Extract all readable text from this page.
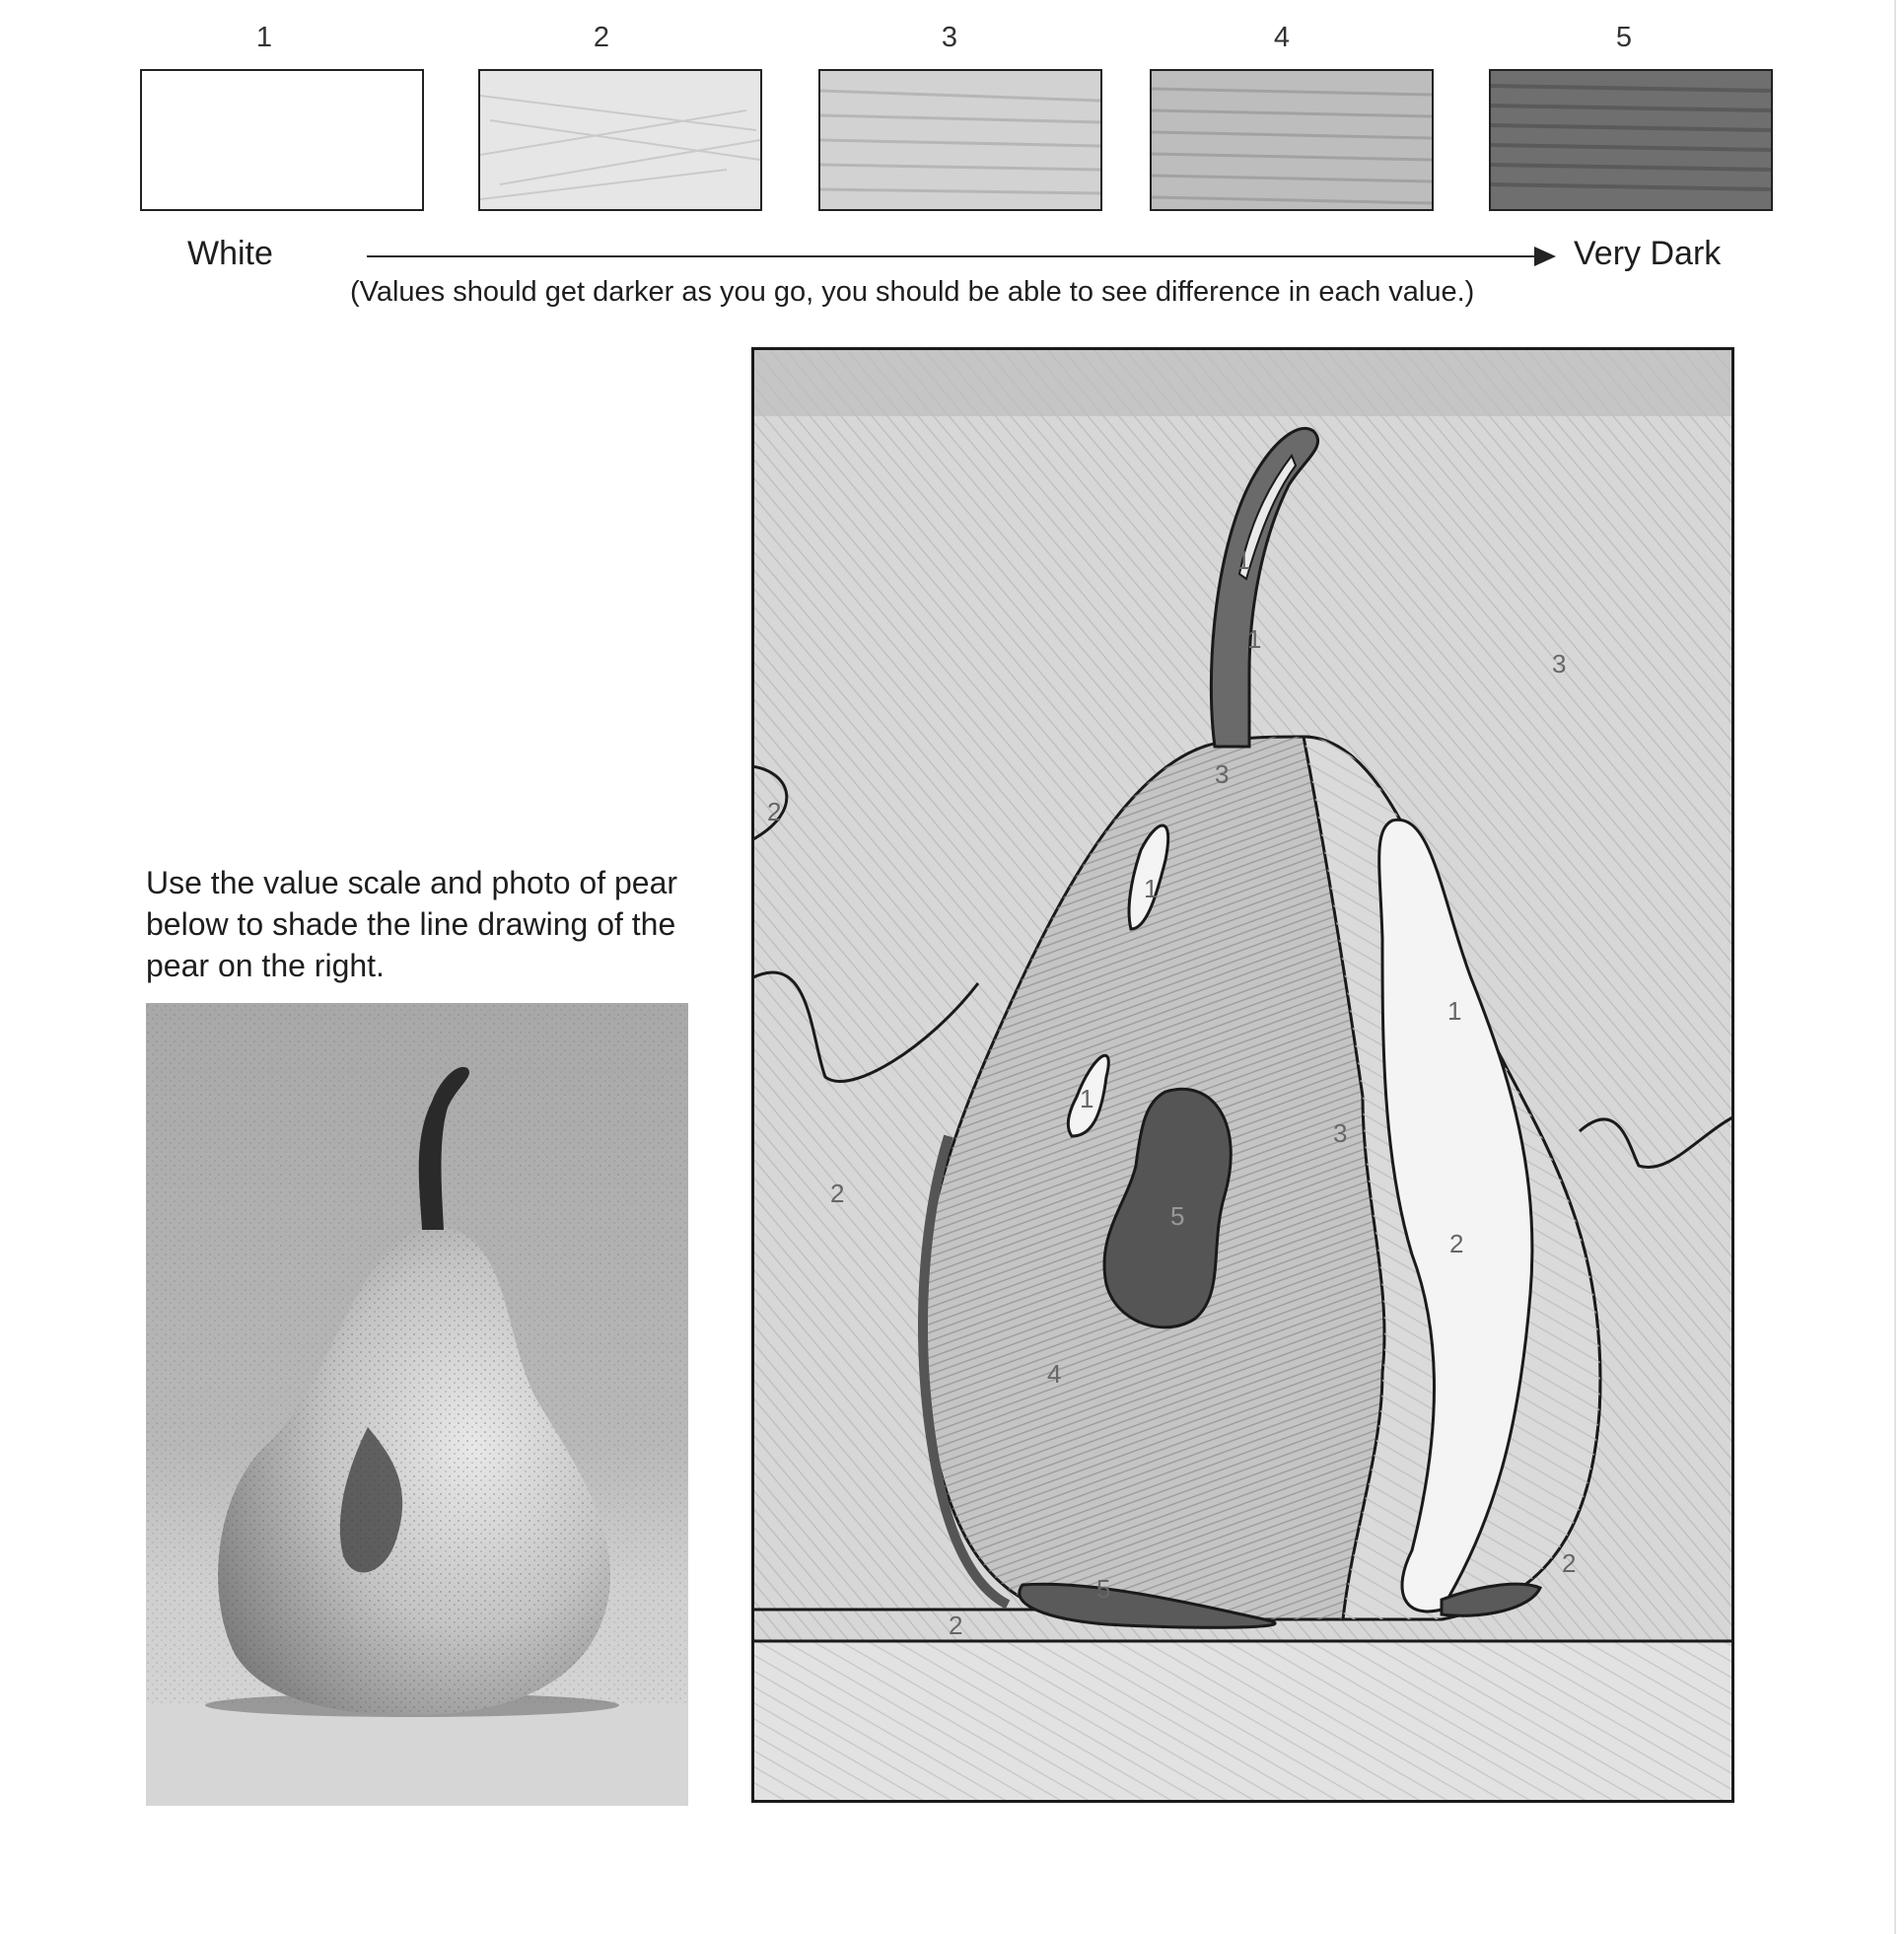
1	2	3	4	5
White	Very Dark
(Values should get darker as you go, you should be able to see difference in each value.)
Use the value scale and photo of pear below to shade the line drawing of the pear on the right.
1
1
3
3
2
1
1
1
3
2
5
2
4
5
2
2
